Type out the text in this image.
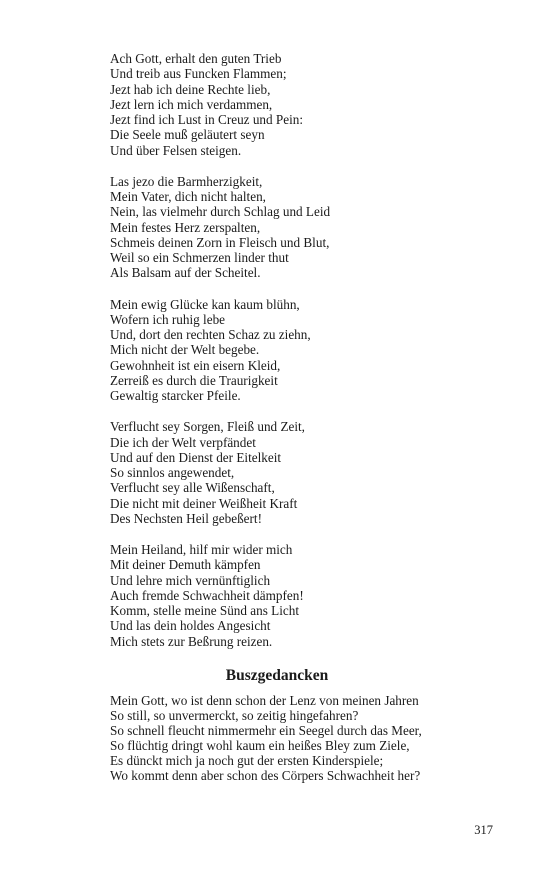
Ach Gott, erhalt den guten Trieb
Und treib aus Funcken Flammen;
Jezt hab ich deine Rechte lieb,
Jezt lern ich mich verdammen,
Jezt find ich Lust in Creuz und Pein:
Die Seele muß geläutert seyn
Und über Felsen steigen.
Las jezo die Barmherzigkeit,
Mein Vater, dich nicht halten,
Nein, las vielmehr durch Schlag und Leid
Mein festes Herz zerspalten,
Schmeis deinen Zorn in Fleisch und Blut,
Weil so ein Schmerzen linder thut
Als Balsam auf der Scheitel.
Mein ewig Glücke kan kaum blühn,
Wofern ich ruhig lebe
Und, dort den rechten Schaz zu ziehn,
Mich nicht der Welt begebe.
Gewohnheit ist ein eisern Kleid,
Zerreiß es durch die Traurigkeit
Gewaltig starcker Pfeile.
Verflucht sey Sorgen, Fleiß und Zeit,
Die ich der Welt verpfändet
Und auf den Dienst der Eitelkeit
So sinnlos angewendet,
Verflucht sey alle Wißenschaft,
Die nicht mit deiner Weißheit Kraft
Des Nechsten Heil gebeßert!
Mein Heiland, hilf mir wider mich
Mit deiner Demuth kämpfen
Und lehre mich vernünftiglich
Auch fremde Schwachheit dämpfen!
Komm, stelle meine Sünd ans Licht
Und las dein holdes Angesicht
Mich stets zur Beßrung reizen.
Buszgedancken
Mein Gott, wo ist denn schon der Lenz von meinen Jahren
So still, so unvermerckt, so zeitig hingefahren?
So schnell fleucht nimmermehr ein Seegel durch das Meer,
So flüchtig dringt wohl kaum ein heißes Bley zum Ziele,
Es dünckt mich ja noch gut der ersten Kinderspiele;
Wo kommt denn aber schon des Cörpers Schwachheit her?
317
